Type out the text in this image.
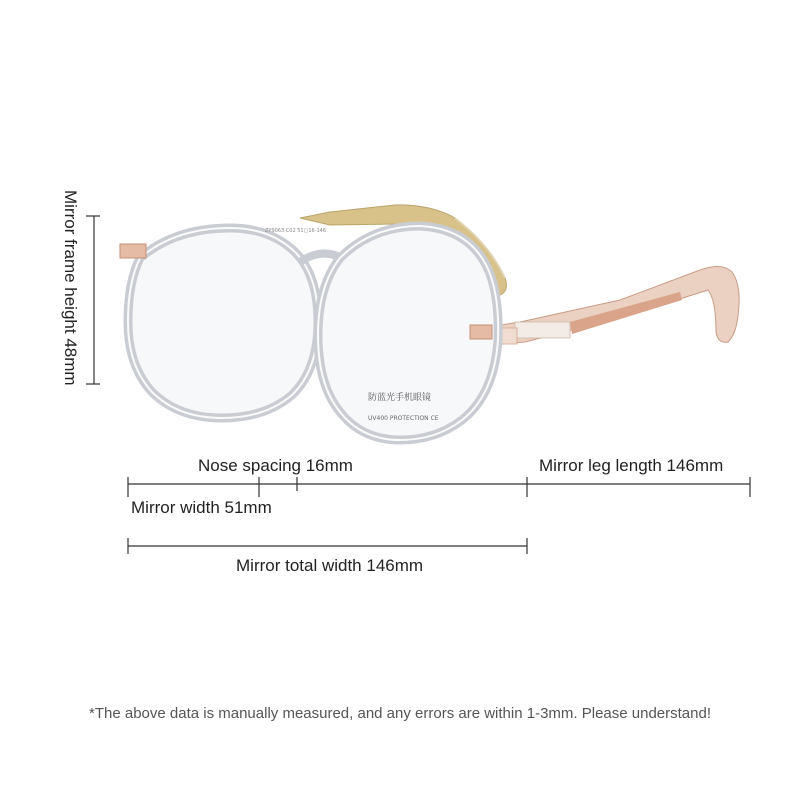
防蓝光手机眼镜
UV400 PROTECTION CE
ZY9063 C02 51□16-146
Mirror frame height 48mm
Nose spacing 16mm	Mirror leg length 146mm
Mirror width 51mm
Mirror total width 146mm
*The above data is manually measured, and any errors are within 1-3mm. Please understand!
